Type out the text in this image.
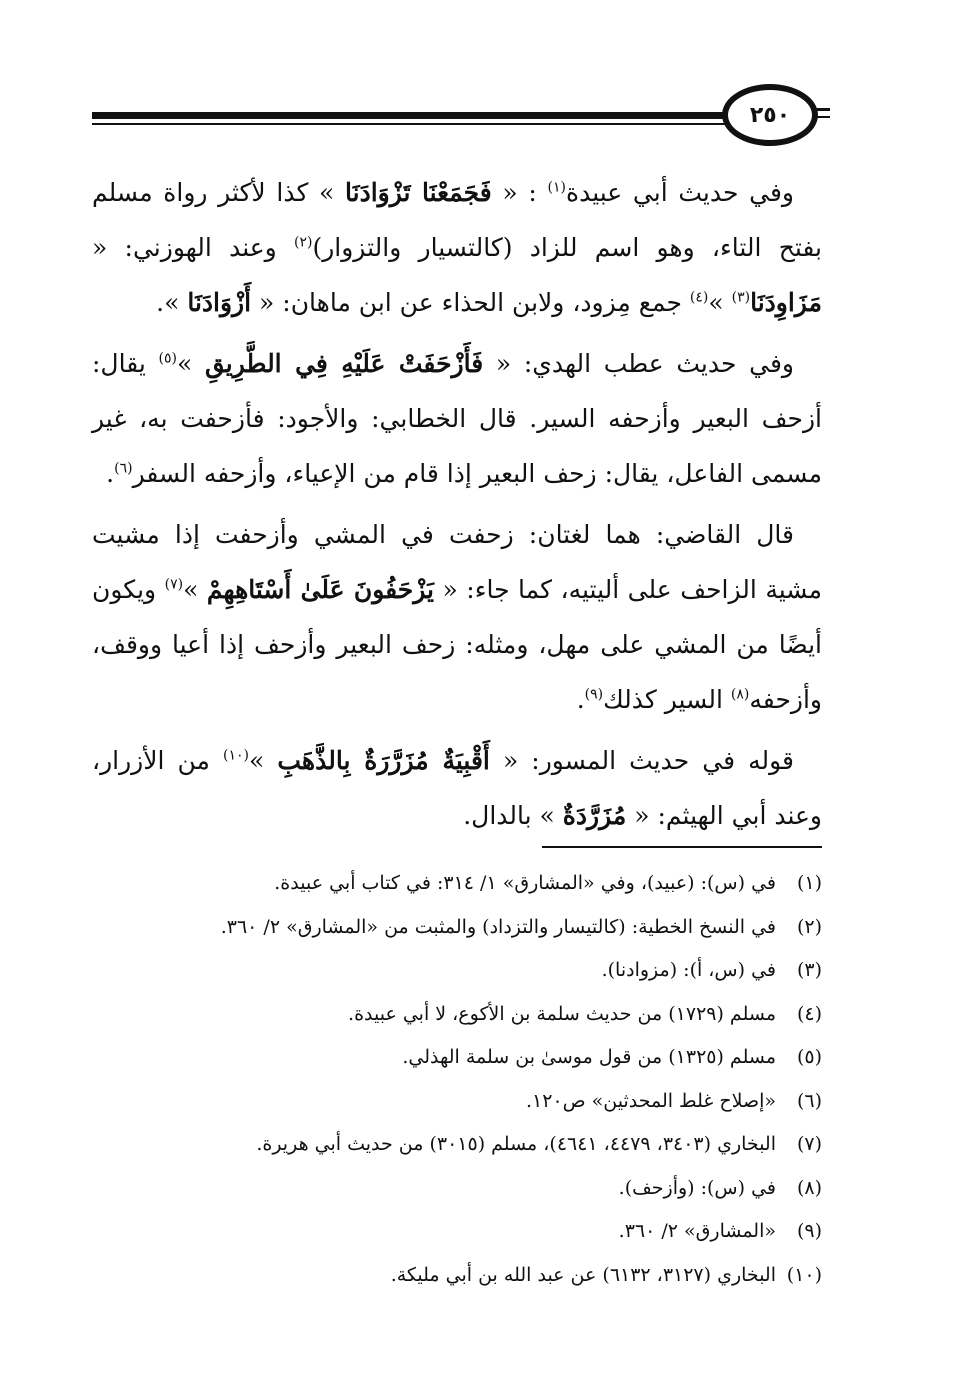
٢٥٠

وفي حديث أبي عبيدة$^{(١)}$ : « فَجَمَعْنَا تَزْوَادَنَا » كذا لأكثر رواة مسلم بفتح التاء، وهو اسم للزاد (كالتسيار والتزوار)$^{(٢)}$ وعند الهوزني: « مَزَاوِدَنَا$^{(٣)}$ »$^{(٤)}$ جمع مِزود، ولابن الحذاء عن ابن ماهان: « أَزْوَادَنَا ».

وفي حديث عطب الهدي: « فَأَزْحَفَتْ عَلَيْهِ فِي الطَّرِيقِ »$^{(٥)}$ يقال: أزحف البعير وأزحفه السير. قال الخطابي: والأجود: فأزحفت به، غير مسمى الفاعل، يقال: زحف البعير إذا قام من الإعياء، وأزحفه السفر$^{(٦)}$.

قال القاضي: هما لغتان: زحفت في المشي وأزحفت إذا مشيت مشية الزاحف على أليتيه، كما جاء: « يَزْحَفُونَ عَلَىٰ أَسْتَاهِهِمْ »$^{(٧)}$ ويكون أيضًا من المشي على مهل، ومثله: زحف البعير وأزحف إذا أعيا ووقف، وأزحفه$^{(٨)}$ السير كذلك$^{(٩)}$.

قوله في حديث المسور: « أَقْبِيَةٌ مُزَرَّرَةٌ بِالذَّهَبِ »$^{(١٠)}$ من الأزرار، وعند أبي الهيثم: « مُزَرَّدَةٌ » بالدال.

(١)
في (س): (عبيد)، وفي «المشارق» ١/ ٣١٤: في كتاب أبي عبيدة.
(٢)
في النسخ الخطية: (كالتيسار والتزداد) والمثبت من «المشارق» ٢/ ٣٦٠.
(٣)
في (س، أ): (مزوادنا).
(٤)
مسلم (١٧٢٩) من حديث سلمة بن الأكوع، لا أبي عبيدة.
(٥)
مسلم (١٣٢٥) من قول موسىٰ بن سلمة الهذلي.
(٦)
«إصلاح غلط المحدثين» ص١٢٠.
(٧)
البخاري (٣٤٠٣، ٤٤٧٩، ٤٦٤١)، مسلم (٣٠١٥) من حديث أبي هريرة.
(٨)
في (س): (وأزحف).
(٩)
«المشارق» ٢/ ٣٦٠.
(١٠)
البخاري (٣١٢٧، ٦١٣٢) عن عبد الله بن أبي مليكة.
